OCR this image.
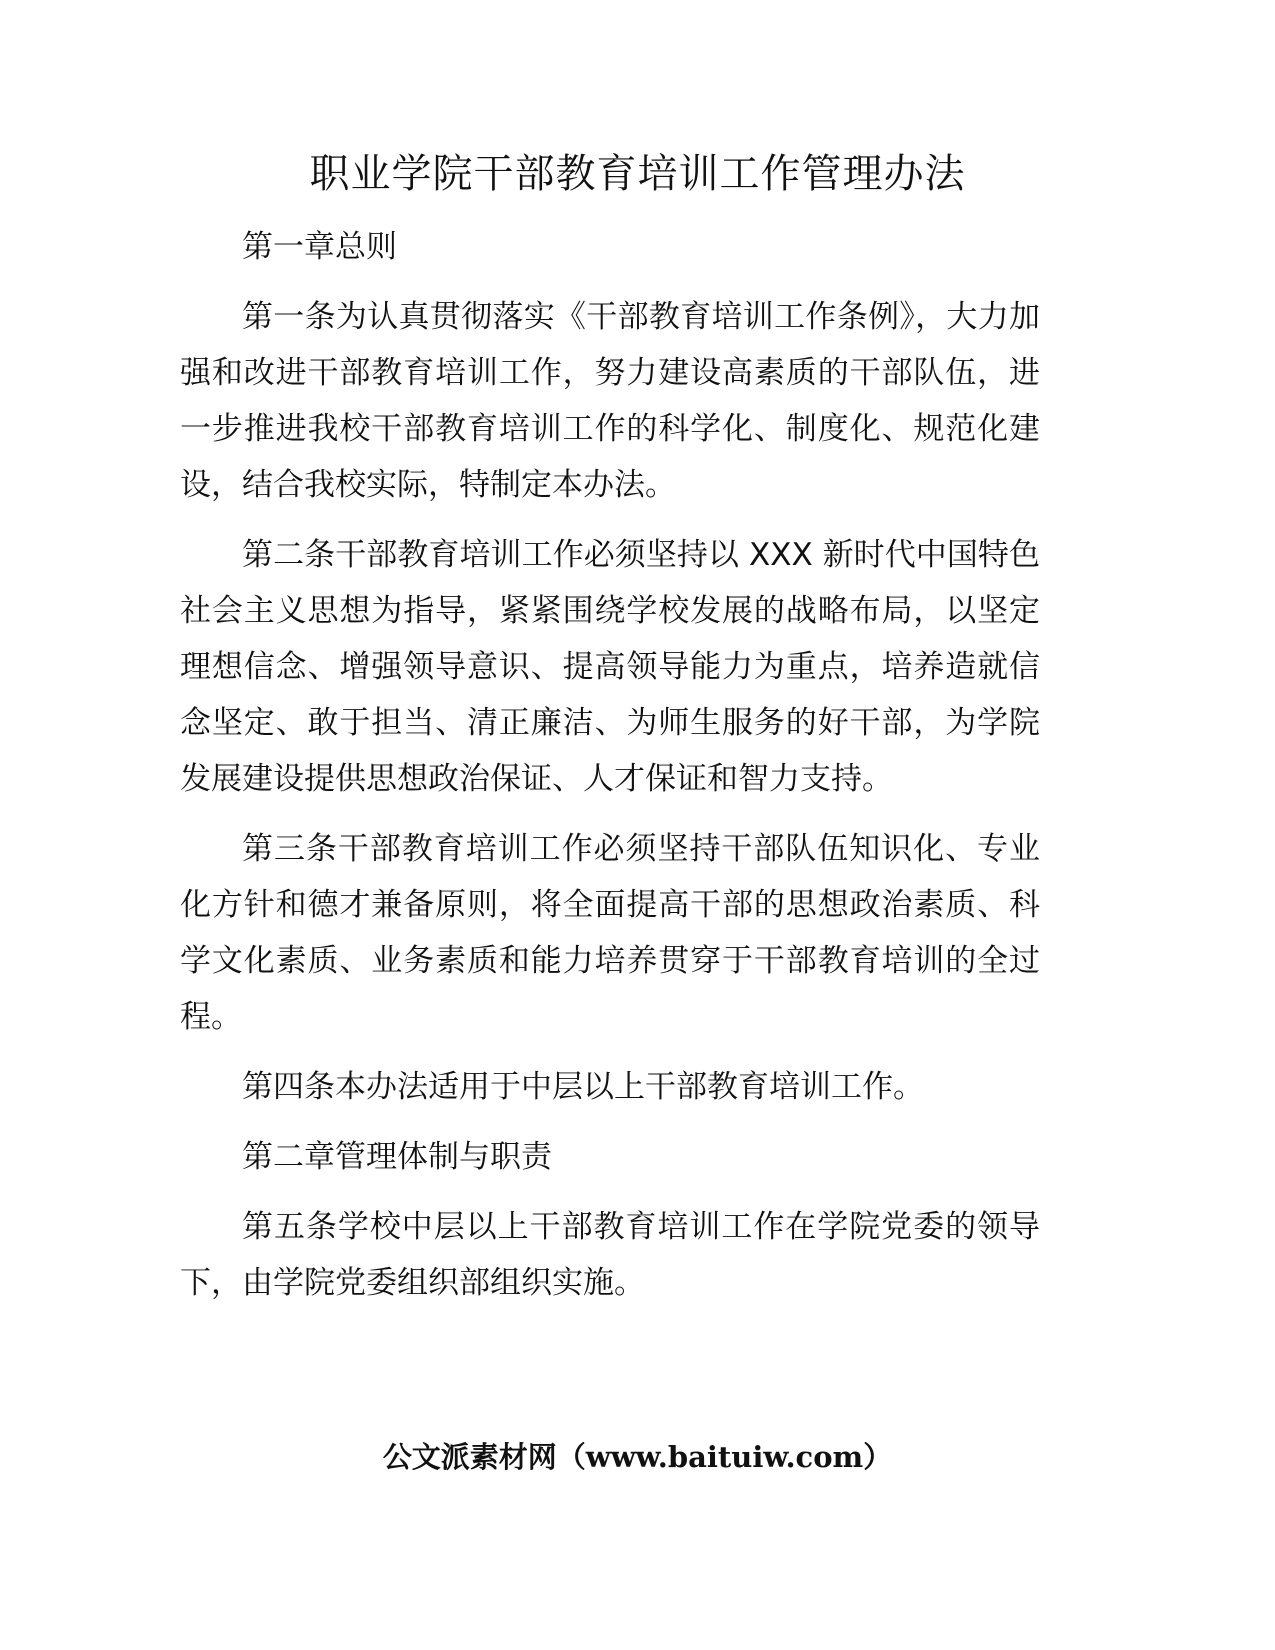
职业学院干部教育培训工作管理办法

第一章总则

第一条为认真贯彻落实《干部教育培训工作条例》，大力加强和改进干部教育培训工作，努力建设高素质的干部队伍，进一步推进我校干部教育培训工作的科学化、制度化、规范化建设，结合我校实际，特制定本办法。

第二条干部教育培训工作必须坚持以 XXX 新时代中国特色社会主义思想为指导，紧紧围绕学校发展的战略布局，以坚定理想信念、增强领导意识、提高领导能力为重点，培养造就信念坚定、敢于担当、清正廉洁、为师生服务的好干部，为学院发展建设提供思想政治保证、人才保证和智力支持。

第三条干部教育培训工作必须坚持干部队伍知识化、专业化方针和德才兼备原则，将全面提高干部的思想政治素质、科学文化素质、业务素质和能力培养贯穿于干部教育培训的全过程。

第四条本办法适用于中层以上干部教育培训工作。

第二章管理体制与职责

第五条学校中层以上干部教育培训工作在学院党委的领导下，由学院党委组织部组织实施。

公文派素材网（www.baituiw.com）
